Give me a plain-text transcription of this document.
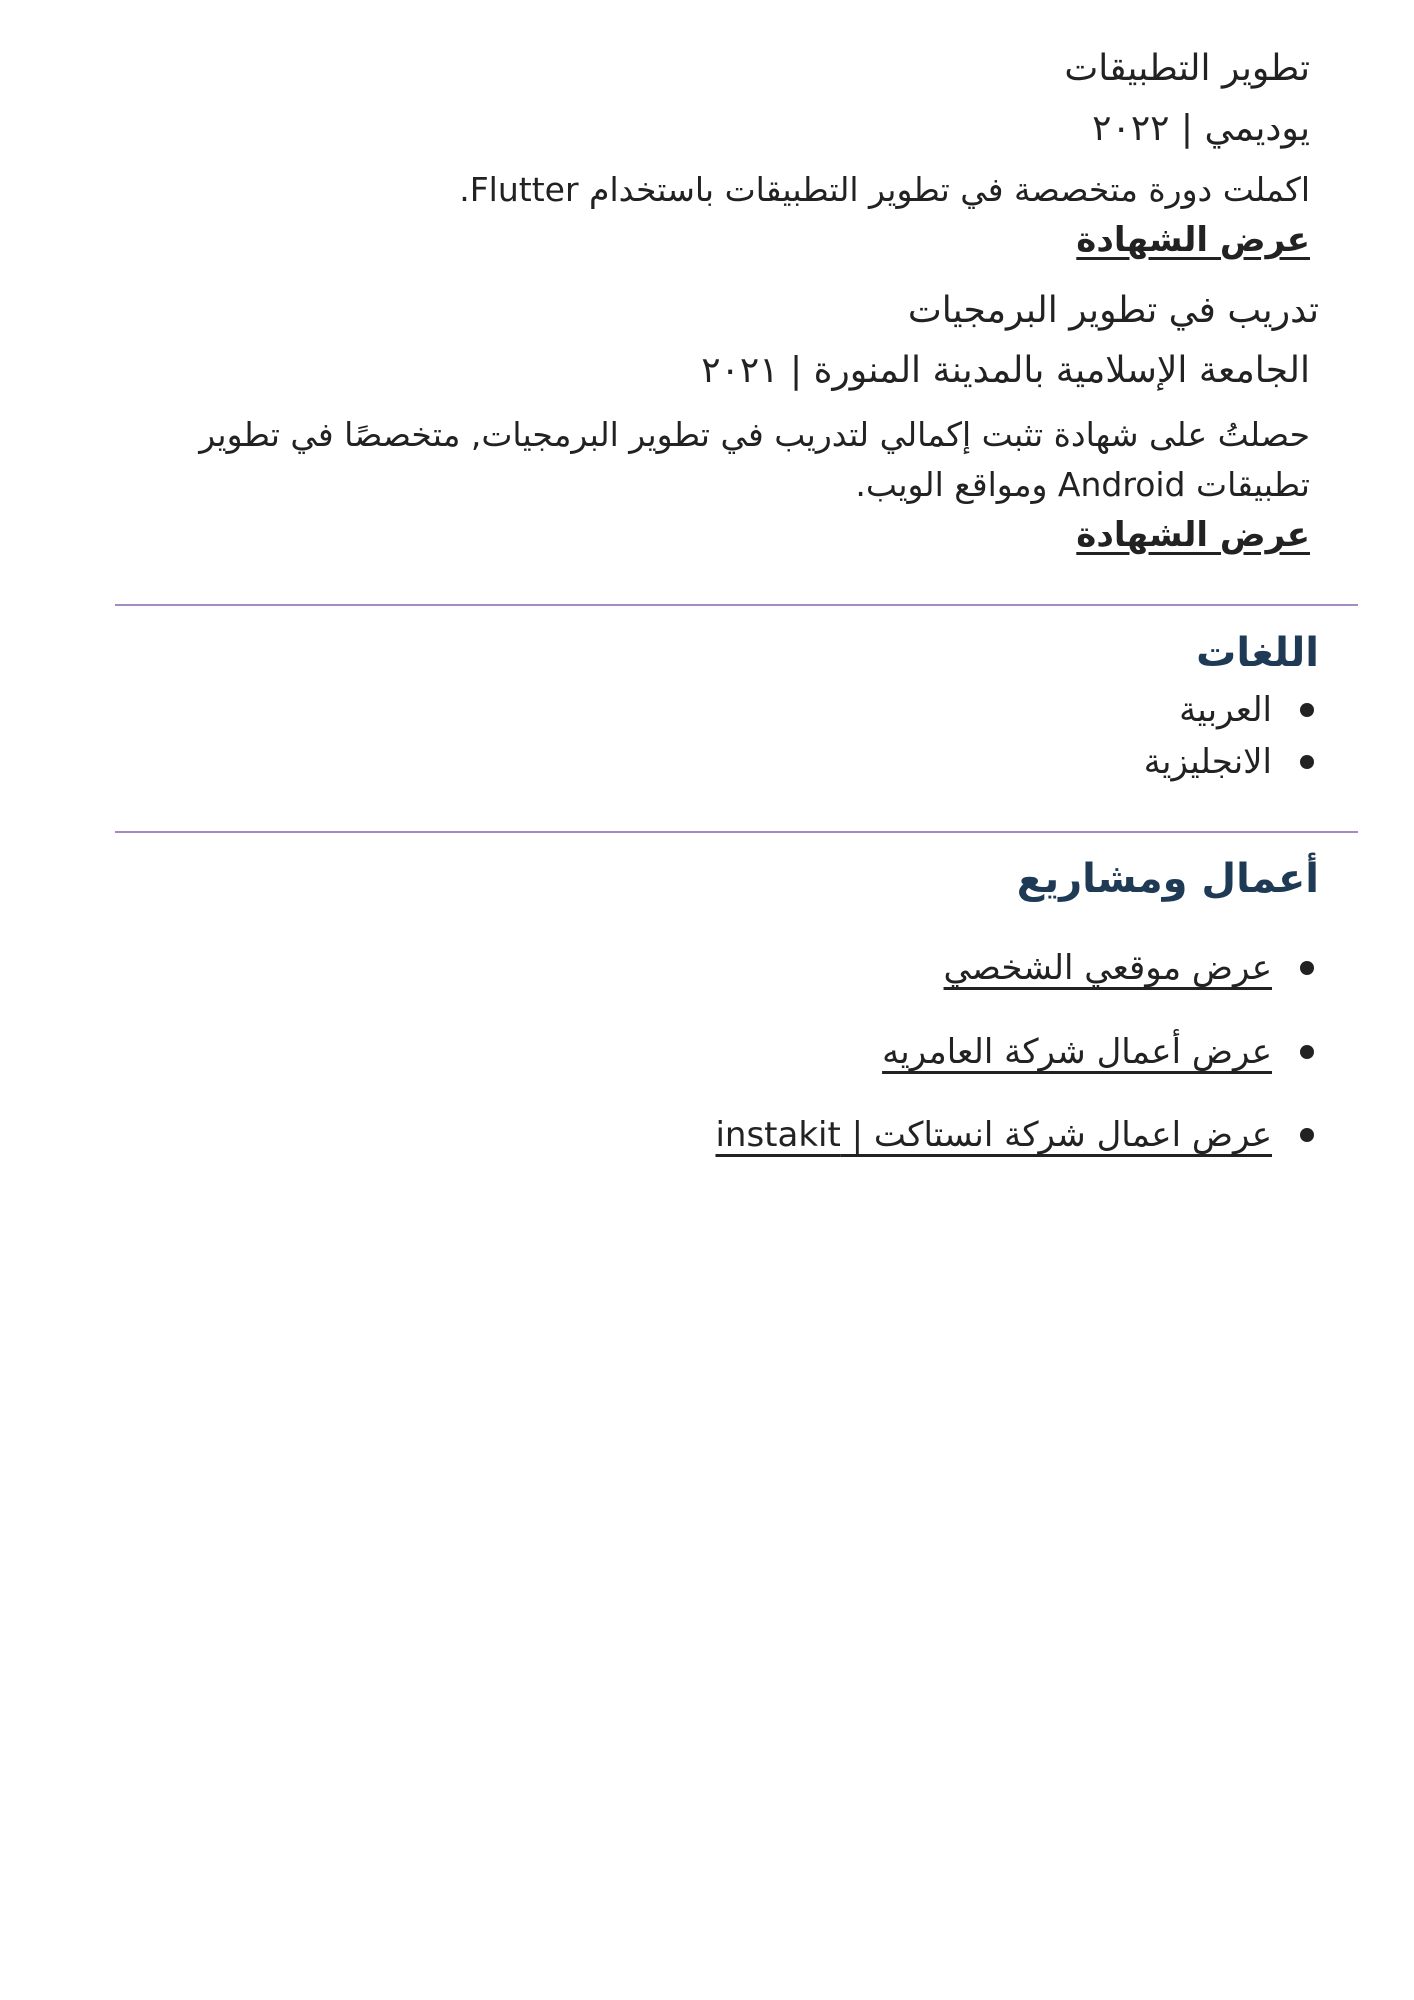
تطوير التطبيقات
يوديمي | ٢٠٢٢
اكملت دورة متخصصة في تطوير التطبيقات باستخدام Flutter.
عرض الشهادة
تدريب في تطوير البرمجيات
الجامعة الإسلامية بالمدينة المنورة | ٢٠٢١
حصلتُ على شهادة تثبت إكمالي لتدريب في تطوير البرمجيات, متخصصًا في تطوير تطبيقات Android ومواقع الويب.
عرض الشهادة
اللغات
العربية
الانجليزية
أعمال ومشاريع
عرض موقعي الشخصي
عرض أعمال شركة العامريه
عرض اعمال شركة انستاكت | instakit
